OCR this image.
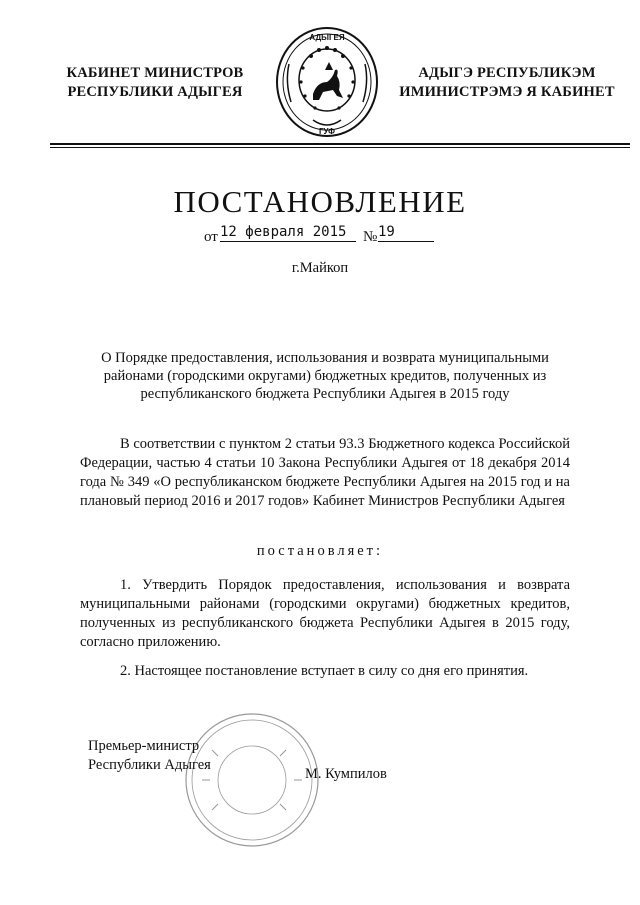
КАБИНЕТ МИНИСТРОВ
РЕСПУБЛИКИ АДЫГЕЯ
АДЫГЕЯ
ГУФ
АДЫГЭ РЕСПУБЛИКЭМ
ИМИНИСТРЭМЭ Я КАБИНЕТ
ПОСТАНОВЛЕНИЕ
от 12 февраля 2015	№ 19
г.Майкоп
О Порядке предоставления, использования и возврата муниципальными районами (городскими округами) бюджетных кредитов, полученных из республиканского бюджета Республики Адыгея в 2015 году
В соответствии с пунктом 2 статьи 93.3 Бюджетного кодекса Российской Федерации, частью 4 статьи 10 Закона Республики Адыгея от 18 декабря 2014 года № 349 «О республиканском бюджете Республики Адыгея на 2015 год и на плановый период 2016 и 2017 годов» Кабинет Министров Республики Адыгея
постановляет:
1. Утвердить Порядок предоставления, использования и возврата муниципальными районами (городскими округами) бюджетных кредитов, полученных из республиканского бюджета Республики Адыгея в 2015 году, согласно приложению.
2. Настоящее постановление вступает в силу со дня его принятия.
Премьер-министр
Республики Адыгея
М. Кумпилов
